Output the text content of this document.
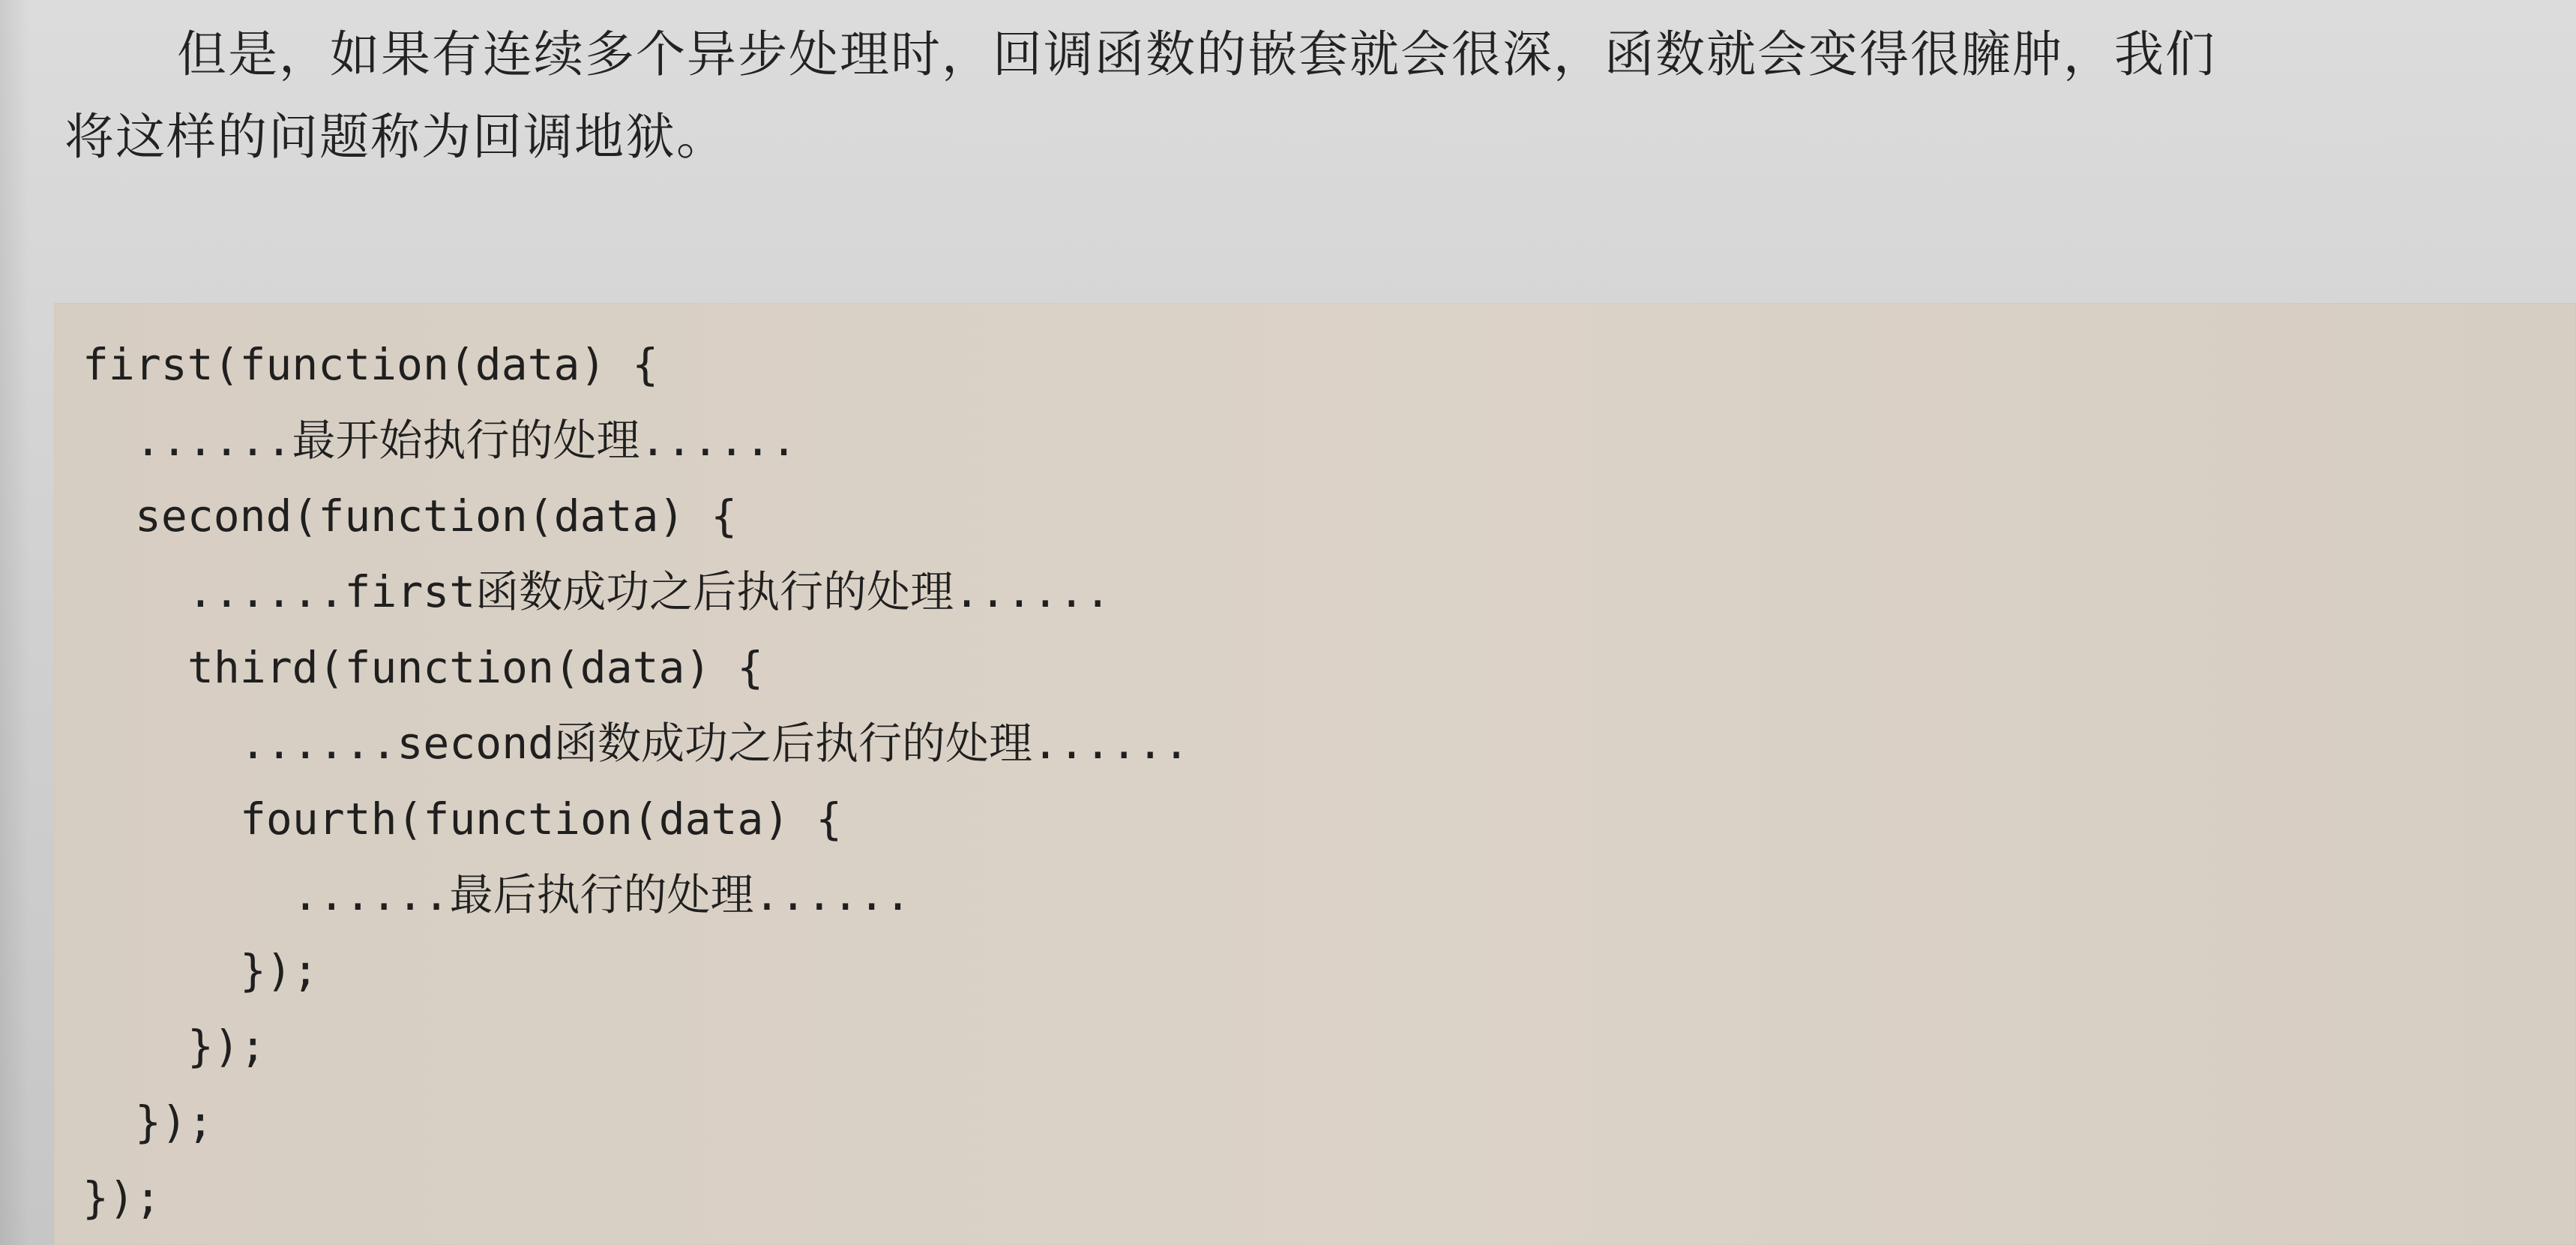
但是，如果有连续多个异步处理时，回调函数的嵌套就会很深，函数就会变得很臃肿，我们
将这样的问题称为回调地狱。
first(function(data) {
......最开始执行的处理......
second(function(data) {
......first函数成功之后执行的处理......
third(function(data) {
......second函数成功之后执行的处理......
fourth(function(data) {
......最后执行的处理......
});
});
});
});
